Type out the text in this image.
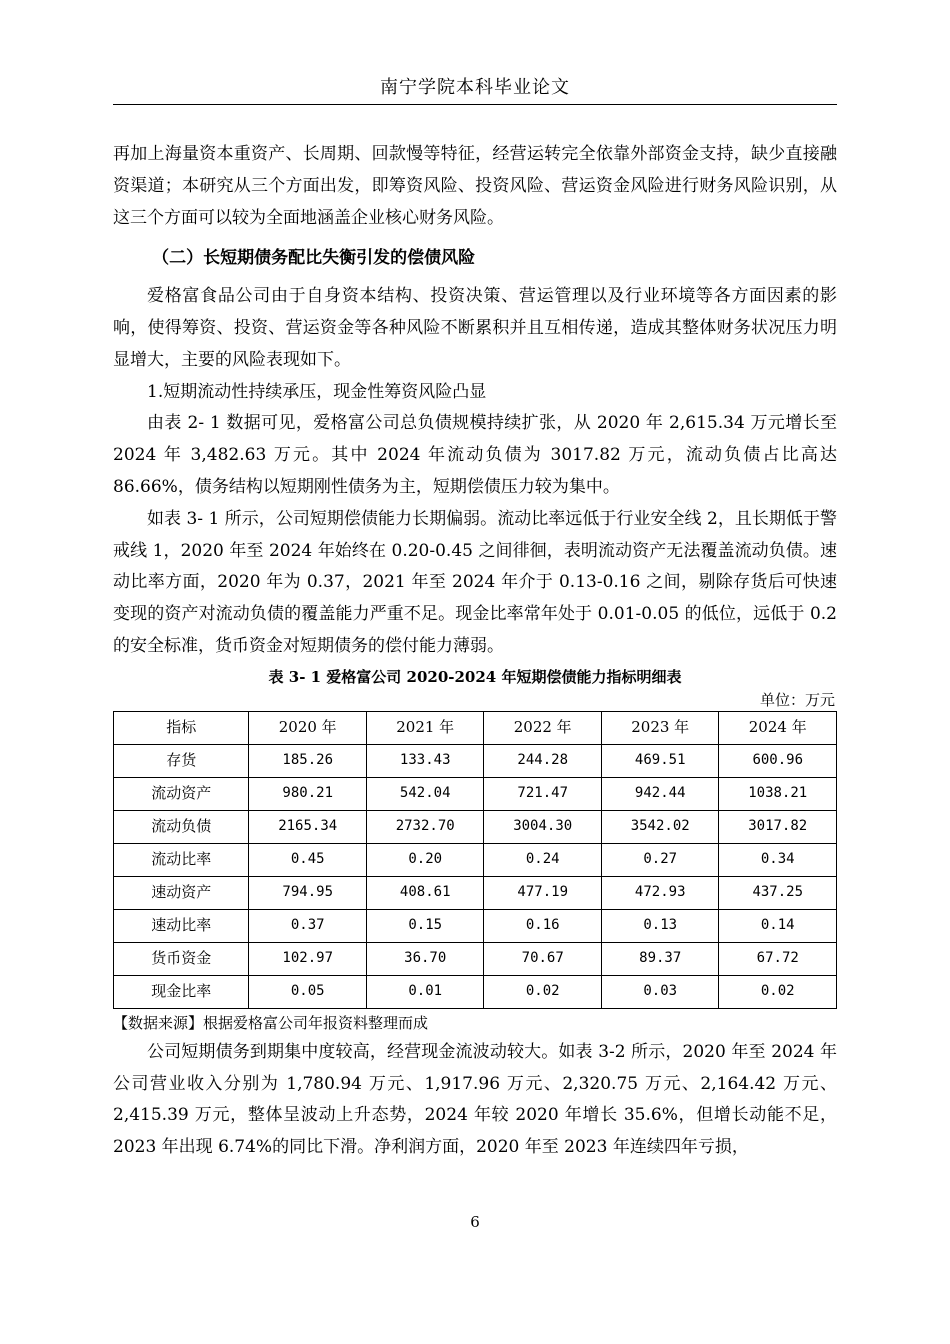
南宁学院本科毕业论文

再加上海量资本重资产、长周期、回款慢等特征，经营运转完全依靠外部资金支持，缺少直接融资渠道；本研究从三个方面出发，即筹资风险、投资风险、营运资金风险进行财务风险识别，从这三个方面可以较为全面地涵盖企业核心财务风险。

（二）长短期债务配比失衡引发的偿债风险

爱格富食品公司由于自身资本结构、投资决策、营运管理以及行业环境等各方面因素的影响，使得筹资、投资、营运资金等各种风险不断累积并且互相传递，造成其整体财务状况压力明显增大，主要的风险表现如下。

1.短期流动性持续承压，现金性筹资风险凸显

由表 2- 1 数据可见，爱格富公司总负债规模持续扩张，从 2020 年 2,615.34 万元增长至 2024 年 3,482.63 万元。其中 2024 年流动负债为 3017.82 万元，流动负债占比高达 86.66%，债务结构以短期刚性债务为主，短期偿债压力较为集中。

如表 3- 1 所示，公司短期偿债能力长期偏弱。流动比率远低于行业安全线 2，且长期低于警戒线 1，2020 年至 2024 年始终在 0.20-0.45 之间徘徊，表明流动资产无法覆盖流动负债。速动比率方面，2020 年为 0.37，2021 年至 2024 年介于 0.13-0.16 之间，剔除存货后可快速变现的资产对流动负债的覆盖能力严重不足。现金比率常年处于 0.01-0.05 的低位，远低于 0.2 的安全标准，货币资金对短期债务的偿付能力薄弱。

表 3- 1 爱格富公司 2020-2024 年短期偿债能力指标明细表
单位：万元
指标	2020 年	2021 年	2022 年	2023 年	2024 年
存货	185.26	133.43	244.28	469.51	600.96
流动资产	980.21	542.04	721.47	942.44	1038.21
流动负债	2165.34	2732.70	3004.30	3542.02	3017.82
流动比率	0.45	0.20	0.24	0.27	0.34
速动资产	794.95	408.61	477.19	472.93	437.25
速动比率	0.37	0.15	0.16	0.13	0.14
货币资金	102.97	36.70	70.67	89.37	67.72
现金比率	0.05	0.01	0.02	0.03	0.02
【数据来源】根据爱格富公司年报资料整理而成

公司短期债务到期集中度较高，经营现金流波动较大。如表 3-2 所示，2020 年至 2024 年公司营业收入分别为 1,780.94 万元、1,917.96 万元、2,320.75 万元、2,164.42 万元、2,415.39 万元，整体呈波动上升态势，2024 年较 2020 年增长 35.6%，但增长动能不足，2023 年出现 6.74%的同比下滑。净利润方面，2020 年至 2023 年连续四年亏损，

6
